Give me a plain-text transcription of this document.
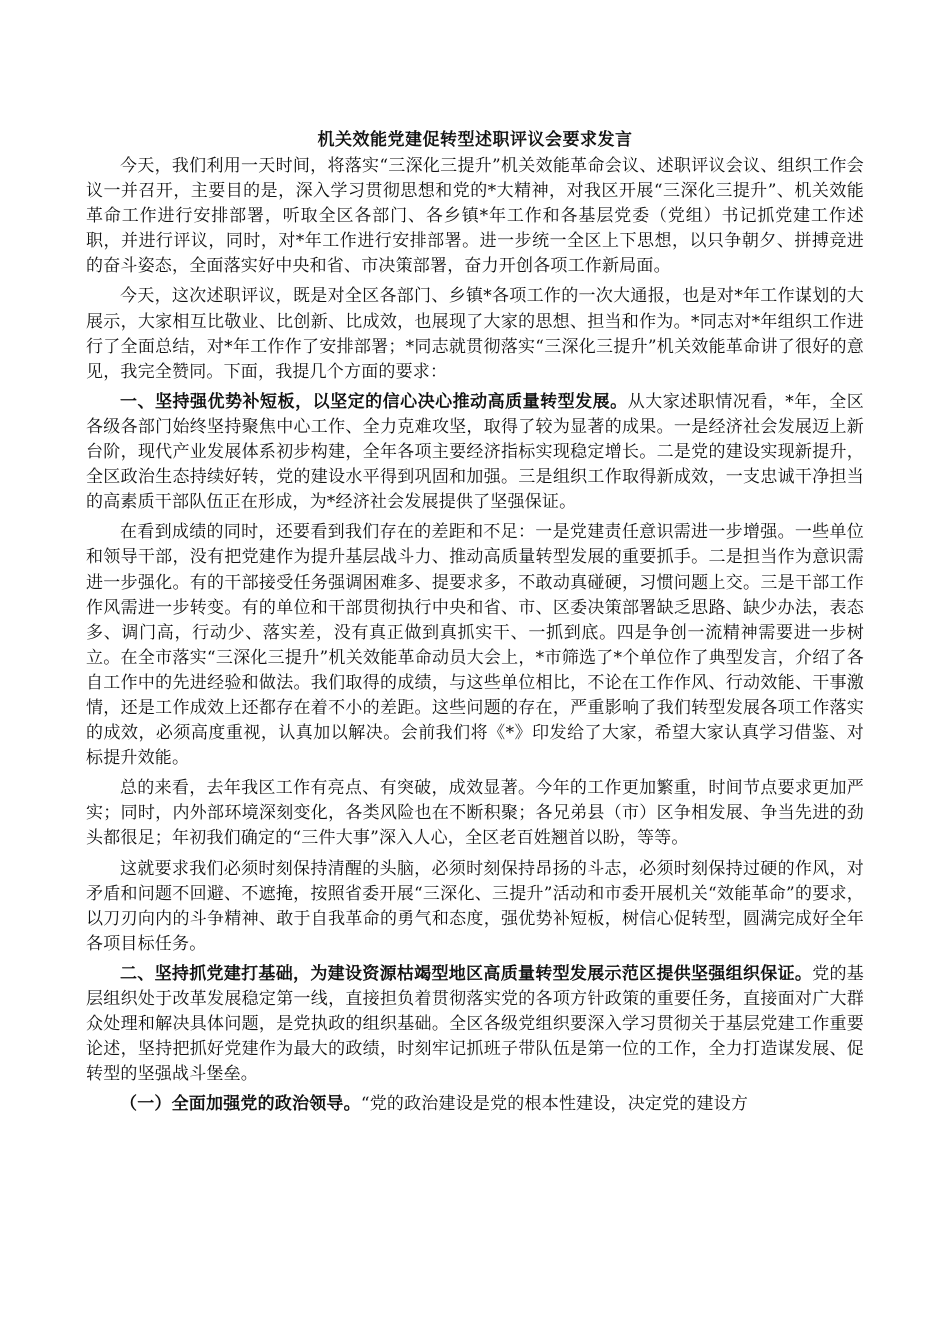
机关效能党建促转型述职评议会要求发言

今天，我们利用一天时间，将落实“三深化三提升”机关效能革命会议、述职评议会议、组织工作会议一并召开，主要目的是，深入学习贯彻思想和党的*大精神，对我区开展“三深化三提升”、机关效能革命工作进行安排部署，听取全区各部门、各乡镇*年工作和各基层党委（党组）书记抓党建工作述职，并进行评议，同时，对*年工作进行安排部署。进一步统一全区上下思想，以只争朝夕、拼搏竞进的奋斗姿态，全面落实好中央和省、市决策部署，奋力开创各项工作新局面。

今天，这次述职评议，既是对全区各部门、乡镇*各项工作的一次大通报，也是对*年工作谋划的大展示，大家相互比敬业、比创新、比成效，也展现了大家的思想、担当和作为。*同志对*年组织工作进行了全面总结，对*年工作作了安排部署；*同志就贯彻落实“三深化三提升”机关效能革命讲了很好的意见，我完全赞同。下面，我提几个方面的要求：

一、坚持强优势补短板，以坚定的信心决心推动高质量转型发展。从大家述职情况看，*年，全区各级各部门始终坚持聚焦中心工作、全力克难攻坚，取得了较为显著的成果。一是经济社会发展迈上新台阶，现代产业发展体系初步构建，全年各项主要经济指标实现稳定增长。二是党的建设实现新提升，全区政治生态持续好转，党的建设水平得到巩固和加强。三是组织工作取得新成效，一支忠诚干净担当的高素质干部队伍正在形成，为*经济社会发展提供了坚强保证。

在看到成绩的同时，还要看到我们存在的差距和不足：一是党建责任意识需进一步增强。一些单位和领导干部，没有把党建作为提升基层战斗力、推动高质量转型发展的重要抓手。二是担当作为意识需进一步强化。有的干部接受任务强调困难多、提要求多，不敢动真碰硬，习惯问题上交。三是干部工作作风需进一步转变。有的单位和干部贯彻执行中央和省、市、区委决策部署缺乏思路、缺少办法，表态多、调门高，行动少、落实差，没有真正做到真抓实干、一抓到底。四是争创一流精神需要进一步树立。在全市落实“三深化三提升”机关效能革命动员大会上，*市筛选了*个单位作了典型发言，介绍了各自工作中的先进经验和做法。我们取得的成绩，与这些单位相比，不论在工作作风、行动效能、干事激情，还是工作成效上还都存在着不小的差距。这些问题的存在，严重影响了我们转型发展各项工作落实的成效，必须高度重视，认真加以解决。会前我们将《*》印发给了大家，希望大家认真学习借鉴、对标提升效能。

总的来看，去年我区工作有亮点、有突破，成效显著。今年的工作更加繁重，时间节点要求更加严实；同时，内外部环境深刻变化，各类风险也在不断积聚；各兄弟县（市）区争相发展、争当先进的劲头都很足；年初我们确定的“三件大事”深入人心，全区老百姓翘首以盼，等等。

这就要求我们必须时刻保持清醒的头脑，必须时刻保持昂扬的斗志，必须时刻保持过硬的作风，对矛盾和问题不回避、不遮掩，按照省委开展“三深化、三提升”活动和市委开展机关“效能革命”的要求，以刀刃向内的斗争精神、敢于自我革命的勇气和态度，强优势补短板，树信心促转型，圆满完成好全年各项目标任务。

二、坚持抓党建打基础，为建设资源枯竭型地区高质量转型发展示范区提供坚强组织保证。党的基层组织处于改革发展稳定第一线，直接担负着贯彻落实党的各项方针政策的重要任务，直接面对广大群众处理和解决具体问题，是党执政的组织基础。全区各级党组织要深入学习贯彻关于基层党建工作重要论述，坚持把抓好党建作为最大的政绩，时刻牢记抓班子带队伍是第一位的工作，全力打造谋发展、促转型的坚强战斗堡垒。

（一）全面加强党的政治领导。“党的政治建设是党的根本性建设，决定党的建设方
